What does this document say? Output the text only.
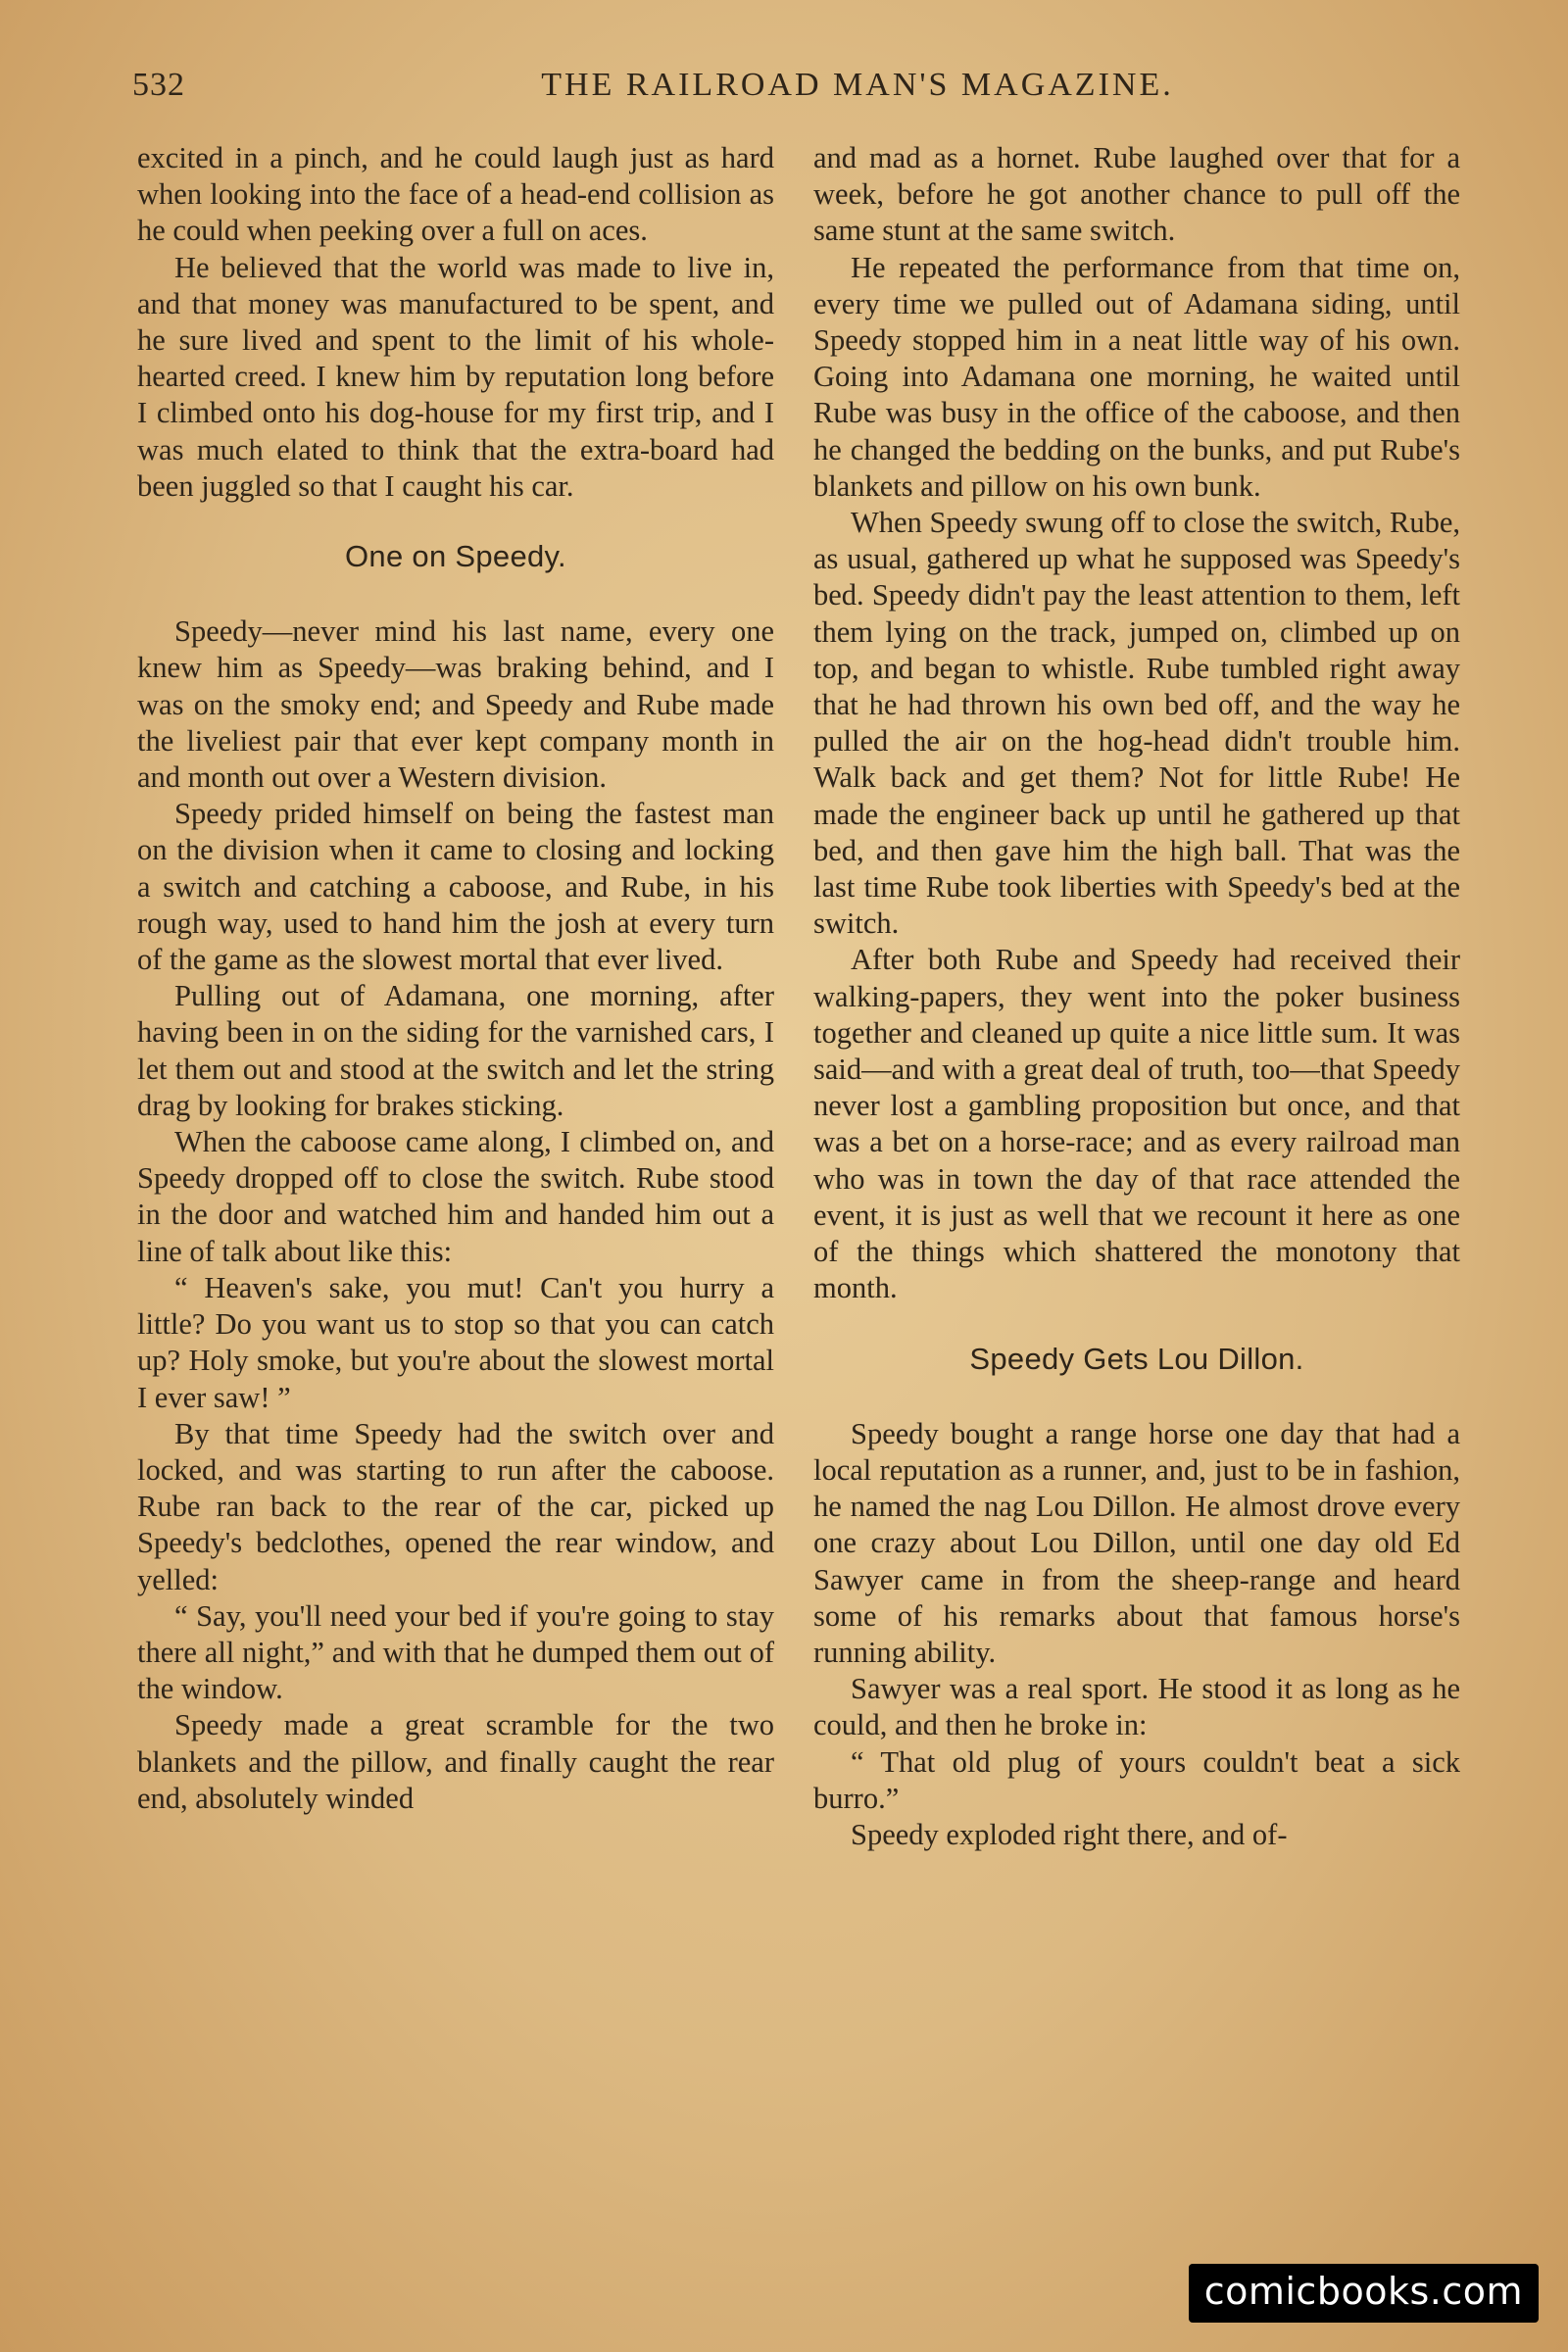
532	THE RAILROAD MAN'S MAGAZINE.

excited in a pinch, and he could laugh just as hard when looking into the face of a head-end collision as he could when peeking over a full on aces.

He believed that the world was made to live in, and that money was manufactured to be spent, and he sure lived and spent to the limit of his whole-hearted creed. I knew him by reputation long before I climbed onto his dog-house for my first trip, and I was much elated to think that the extra-board had been juggled so that I caught his car.

One on Speedy.

Speedy—never mind his last name, every one knew him as Speedy—was braking behind, and I was on the smoky end; and Speedy and Rube made the liveliest pair that ever kept company month in and month out over a Western division.

Speedy prided himself on being the fastest man on the division when it came to closing and locking a switch and catching a caboose, and Rube, in his rough way, used to hand him the josh at every turn of the game as the slowest mortal that ever lived.

Pulling out of Adamana, one morning, after having been in on the siding for the varnished cars, I let them out and stood at the switch and let the string drag by looking for brakes sticking.

When the caboose came along, I climbed on, and Speedy dropped off to close the switch. Rube stood in the door and watched him and handed him out a line of talk about like this:

“ Heaven's sake, you mut! Can't you hurry a little? Do you want us to stop so that you can catch up? Holy smoke, but you're about the slowest mortal I ever saw! ”

By that time Speedy had the switch over and locked, and was starting to run after the caboose. Rube ran back to the rear of the car, picked up Speedy's bedclothes, opened the rear window, and yelled:

“ Say, you'll need your bed if you're going to stay there all night,” and with that he dumped them out of the window.

Speedy made a great scramble for the two blankets and the pillow, and finally caught the rear end, absolutely winded

and mad as a hornet. Rube laughed over that for a week, before he got another chance to pull off the same stunt at the same switch.

He repeated the performance from that time on, every time we pulled out of Adamana siding, until Speedy stopped him in a neat little way of his own. Going into Adamana one morning, he waited until Rube was busy in the office of the caboose, and then he changed the bedding on the bunks, and put Rube's blankets and pillow on his own bunk.

When Speedy swung off to close the switch, Rube, as usual, gathered up what he supposed was Speedy's bed. Speedy didn't pay the least attention to them, left them lying on the track, jumped on, climbed up on top, and began to whistle. Rube tumbled right away that he had thrown his own bed off, and the way he pulled the air on the hog-head didn't trouble him. Walk back and get them? Not for little Rube! He made the engineer back up until he gathered up that bed, and then gave him the high ball. That was the last time Rube took liberties with Speedy's bed at the switch.

After both Rube and Speedy had received their walking-papers, they went into the poker business together and cleaned up quite a nice little sum. It was said—and with a great deal of truth, too—that Speedy never lost a gambling proposition but once, and that was a bet on a horse-race; and as every railroad man who was in town the day of that race attended the event, it is just as well that we recount it here as one of the things which shattered the monotony that month.

Speedy Gets Lou Dillon.

Speedy bought a range horse one day that had a local reputation as a runner, and, just to be in fashion, he named the nag Lou Dillon. He almost drove every one crazy about Lou Dillon, until one day old Ed Sawyer came in from the sheep-range and heard some of his remarks about that famous horse's running ability.

Sawyer was a real sport. He stood it as long as he could, and then he broke in:

“ That old plug of yours couldn't beat a sick burro.”

Speedy exploded right there, and of-

comicbooks.com
